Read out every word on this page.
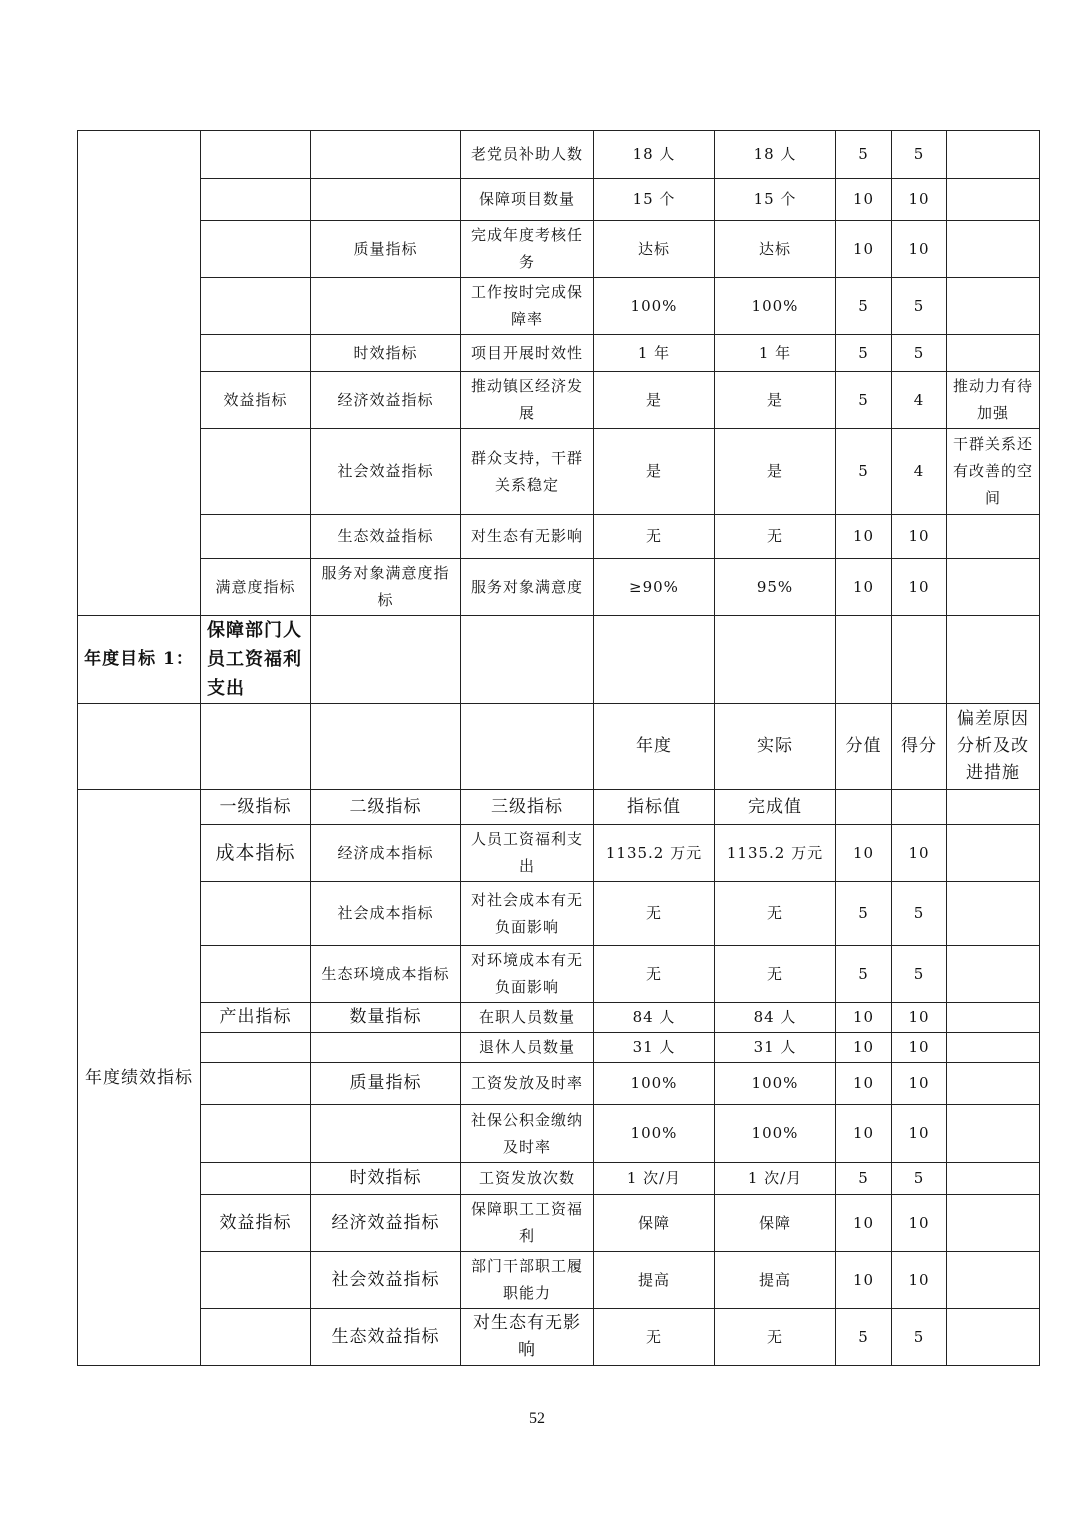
			老党员补助人数	18 人	18 人	5	5	
			保障项目数量	15 个	15 个	10	10	
		质量指标	完成年度考核任务	达标	达标	10	10	
			工作按时完成保障率	100%	100%	5	5	
		时效指标	项目开展时效性	1 年	1 年	5	5	
	效益指标	经济效益指标	推动镇区经济发展	是	是	5	4	推动力有待加强
		社会效益指标	群众支持，干群关系稳定	是	是	5	4	干群关系还有改善的空间
		生态效益指标	对生态有无影响	无	无	10	10	
	满意度指标	服务对象满意度指标	服务对象满意度	≥90%	95%	10	10	
年度目标 1：	保障部门人员工资福利支出							
				年度	实际	分值	得分	偏差原因分析及改进措施
年度绩效指标	一级指标	二级指标	三级指标	指标值	完成值			
	成本指标	经济成本指标	人员工资福利支出	1135.2 万元	1135.2 万元	10	10	
		社会成本指标	对社会成本有无负面影响	无	无	5	5	
		生态环境成本指标	对环境成本有无负面影响	无	无	5	5	
	产出指标	数量指标	在职人员数量	84 人	84 人	10	10	
			退休人员数量	31 人	31 人	10	10	
		质量指标	工资发放及时率	100%	100%	10	10	
			社保公积金缴纳及时率	100%	100%	10	10	
		时效指标	工资发放次数	1 次/月	1 次/月	5	5	
	效益指标	经济效益指标	保障职工工资福利	保障	保障	10	10	
		社会效益指标	部门干部职工履职能力	提高	提高	10	10	
		生态效益指标	对生态有无影响	无	无	5	5	
52
